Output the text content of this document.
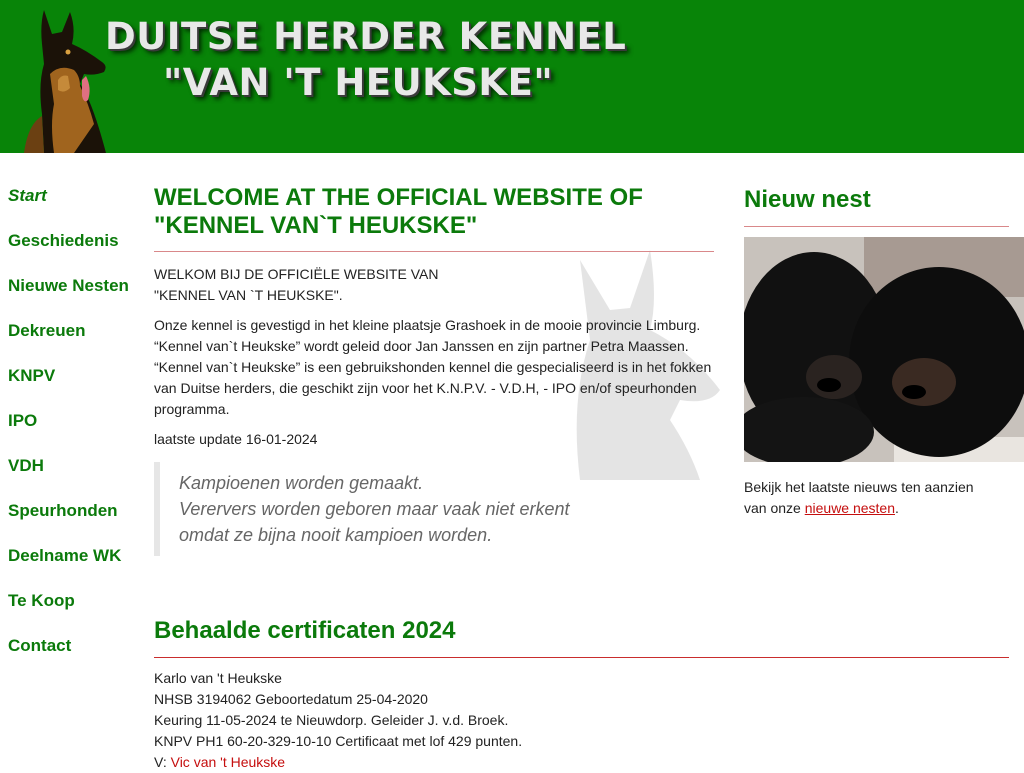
DUITSE HERDER KENNEL
"VAN 'T HEUKSKE"
Start
Geschiedenis
Nieuwe Nesten
Dekreuen
KNPV
IPO
VDH
Speurhonden
Deelname WK
Te Koop
Contact
WELCOME AT THE OFFICIAL WEBSITE OF
"KENNEL VAN`T HEUKSKE"

WELKOM BIJ DE OFFICIËLE WEBSITE VAN
"KENNEL VAN `T HEUKSKE".

Onze kennel is gevestigd in het kleine plaatsje Grashoek in de mooie provincie Limburg. “Kennel van`t Heukske” wordt geleid door Jan Janssen en zijn partner Petra Maassen. “Kennel van`t Heukske” is een gebruikshonden kennel die gespecialiseerd is in het fokken van Duitse herders, die geschikt zijn voor het K.N.P.V. - V.D.H, - IPO en/of speurhonden programma.

laatste update 16-01-2024

Kampioenen worden gemaakt.
Verervers worden geboren maar vaak niet erkent
omdat ze bijna nooit kampioen worden.
Nieuw nest
Bekijk het laatste nieuws ten aanzien
van onze nieuwe nesten.
Behaalde certificaten 2024
Karlo van 't Heukske
NHSB 3194062 Geboortedatum 25-04-2020
Keuring 11-05-2024 te Nieuwdorp. Geleider J. v.d. Broek.
KNPV PH1 60-20-329-10-10 Certificaat met lof 429 punten.
V: Vic van 't Heukske
